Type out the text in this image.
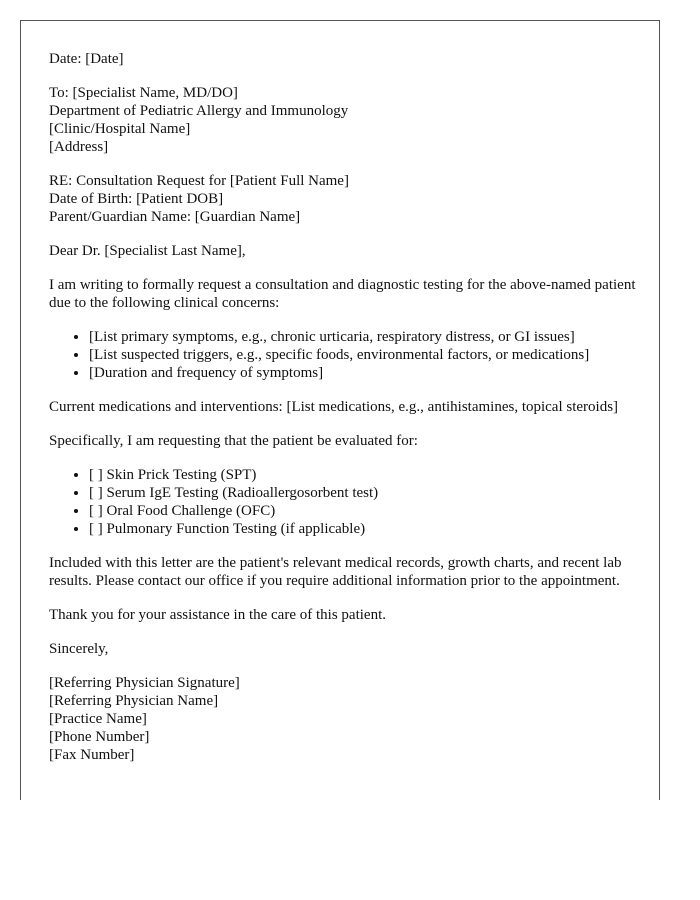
Date: [Date]
To: [Specialist Name, MD/DO]
Department of Pediatric Allergy and Immunology
[Clinic/Hospital Name]
[Address]
RE: Consultation Request for [Patient Full Name]
Date of Birth: [Patient DOB]
Parent/Guardian Name: [Guardian Name]
Dear Dr. [Specialist Last Name],
I am writing to formally request a consultation and diagnostic testing for the above-named patient due to the following clinical concerns:
• [List primary symptoms, e.g., chronic urticaria, respiratory distress, or GI issues]
• [List suspected triggers, e.g., specific foods, environmental factors, or medications]
• [Duration and frequency of symptoms]
Current medications and interventions: [List medications, e.g., antihistamines, topical steroids]
Specifically, I am requesting that the patient be evaluated for:
• [ ] Skin Prick Testing (SPT)
• [ ] Serum IgE Testing (Radioallergosorbent test)
• [ ] Oral Food Challenge (OFC)
• [ ] Pulmonary Function Testing (if applicable)
Included with this letter are the patient's relevant medical records, growth charts, and recent lab results. Please contact our office if you require additional information prior to the appointment.
Thank you for your assistance in the care of this patient.
Sincerely,
[Referring Physician Signature]
[Referring Physician Name]
[Practice Name]
[Phone Number]
[Fax Number]
